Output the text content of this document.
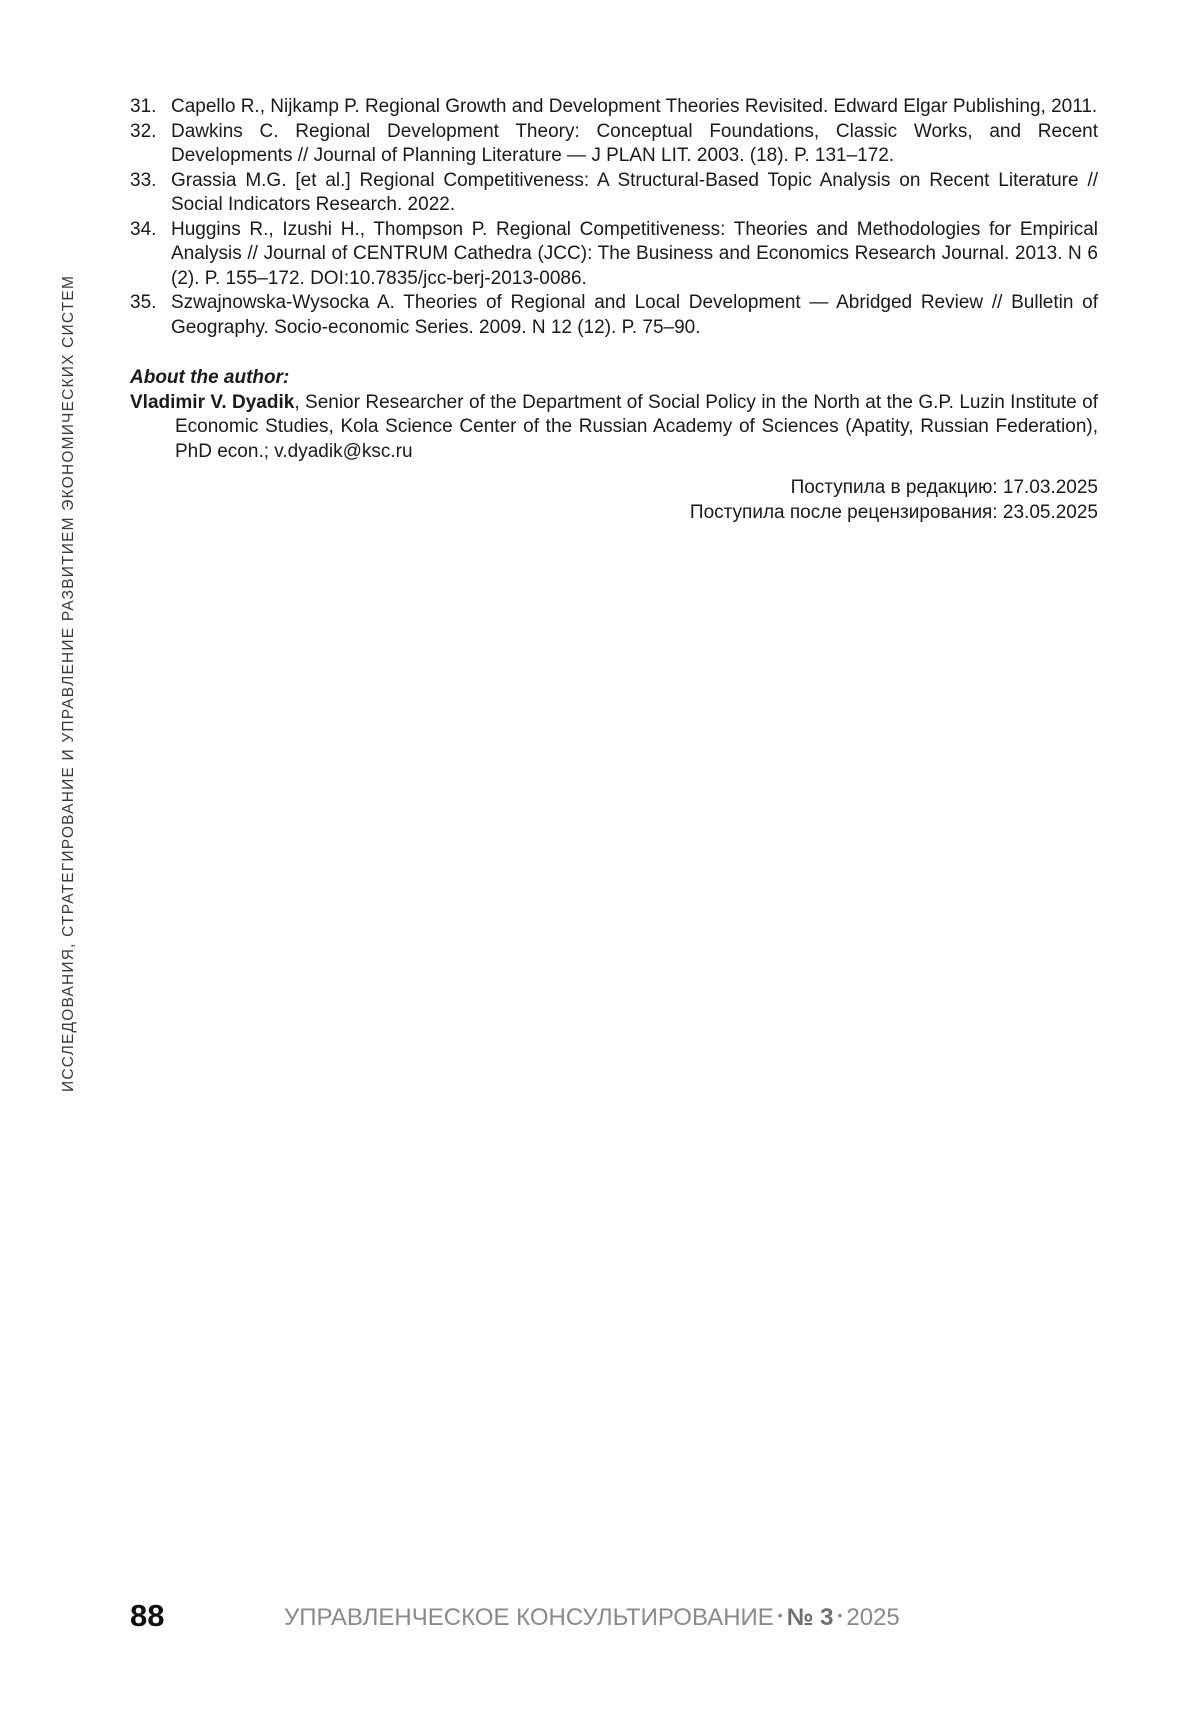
ИССЛЕДОВАНИЯ, СТРАТЕГИРОВАНИЕ И УПРАВЛЕНИЕ РАЗВИТИЕМ ЭКОНОМИЧЕСКИХ СИСТЕМ
31. Capello R., Nijkamp P. Regional Growth and Development Theories Revisited. Edward Elgar Publishing, 2011.
32. Dawkins C. Regional Development Theory: Conceptual Foundations, Classic Works, and Recent Developments // Journal of Planning Literature — J PLAN LIT. 2003. (18). P. 131–172.
33. Grassia M.G. [et al.] Regional Competitiveness: A Structural-Based Topic Analysis on Recent Literature // Social Indicators Research. 2022.
34. Huggins R., Izushi H., Thompson P. Regional Competitiveness: Theories and Methodologies for Empirical Analysis // Journal of CENTRUM Cathedra (JCC): The Business and Economics Research Journal. 2013. N 6 (2). P. 155–172. DOI:10.7835/jcc-berj-2013-0086.
35. Szwajnowska-Wysocka A. Theories of Regional and Local Development — Abridged Review // Bulletin of Geography. Socio-economic Series. 2009. N 12 (12). P. 75–90.
About the author:
Vladimir V. Dyadik, Senior Researcher of the Department of Social Policy in the North at the G.P. Luzin Institute of Economic Studies, Kola Science Center of the Russian Academy of Sciences (Apatity, Russian Federation), PhD econ.; v.dyadik@ksc.ru
Поступила в редакцию: 17.03.2025
Поступила после рецензирования: 23.05.2025
88	УПРАВЛЕНЧЕСКОЕ КОНСУЛЬТИРОВАНИЕ • № 3 • 2025
